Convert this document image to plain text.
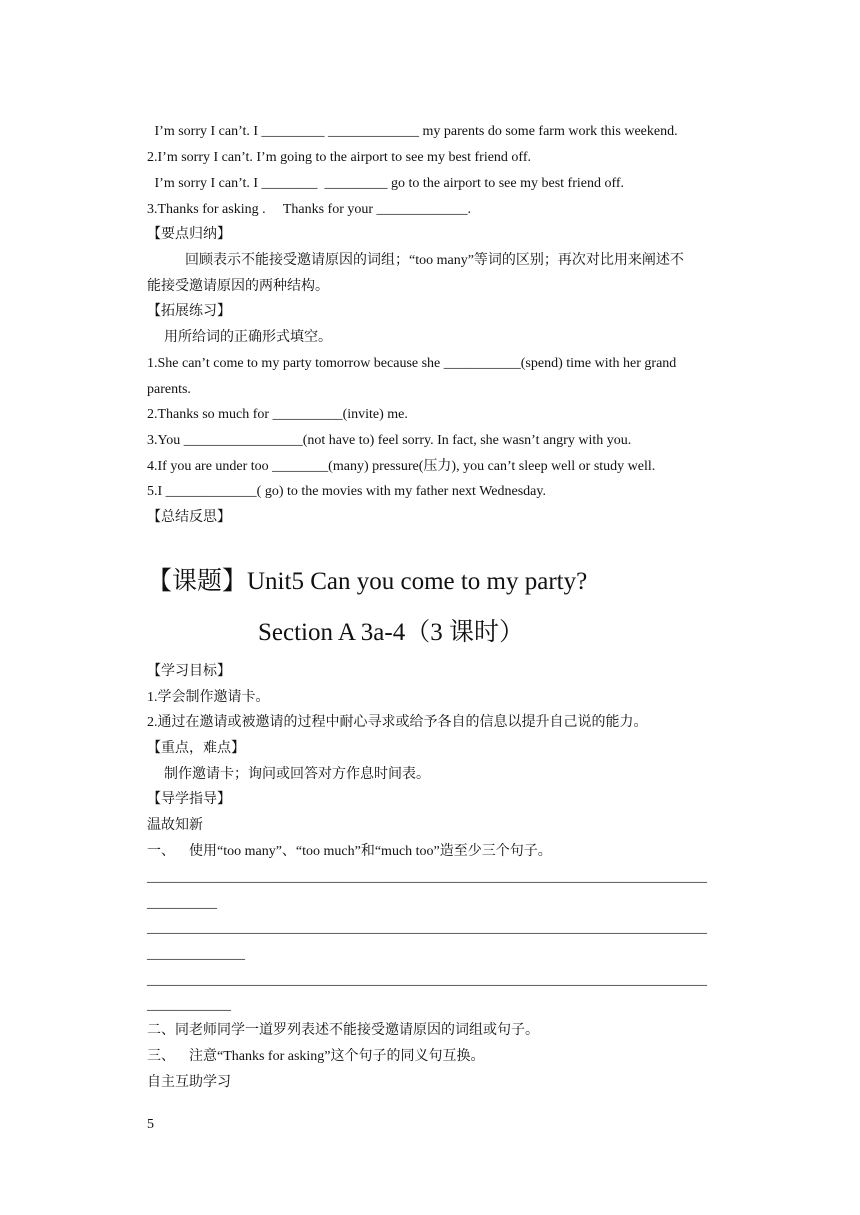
I’m sorry I can’t. I _________ _____________ my parents do some farm work this weekend.
2.I’m sorry I can’t. I’m going to the airport to see my best friend off.
I’m sorry I can’t. I ________  _________ go to the airport to see my best friend off.
3.Thanks for asking .     Thanks for your _____________.
【要点归纳】
回顾表示不能接受邀请原因的词组；“too many”等词的区别；再次对比用来阐述不
能接受邀请原因的两种结构。
【拓展练习】
用所给词的正确形式填空。
1.She can’t come to my party tomorrow because she ___________(spend) time with her grand
parents.
2.Thanks so much for __________(invite) me.
3.You _________________(not have to) feel sorry. In fact, she wasn’t angry with you.
4.If you are under too ________(many) pressure(压力), you can’t sleep well or study well.
5.I _____________( go) to the movies with my father next Wednesday.
【总结反思】
【课题】Unit5 Can you come to my party?
Section A 3a-4（3 课时）
【学习目标】
1.学会制作邀请卡。
2.通过在邀请或被邀请的过程中耐心寻求或给予各自的信息以提升自己说的能力。
【重点，难点】
制作邀请卡；询问或回答对方作息时间表。
【导学指导】
温故知新
一、    使用“too many”、“too much”和“much too”造至少三个句子。
________________________________________________________________________________
__________
________________________________________________________________________________
______________
________________________________________________________________________________
____________
二、同老师同学一道罗列表述不能接受邀请原因的词组或句子。
三、    注意“Thanks for asking”这个句子的同义句互换。
自主互助学习
5
